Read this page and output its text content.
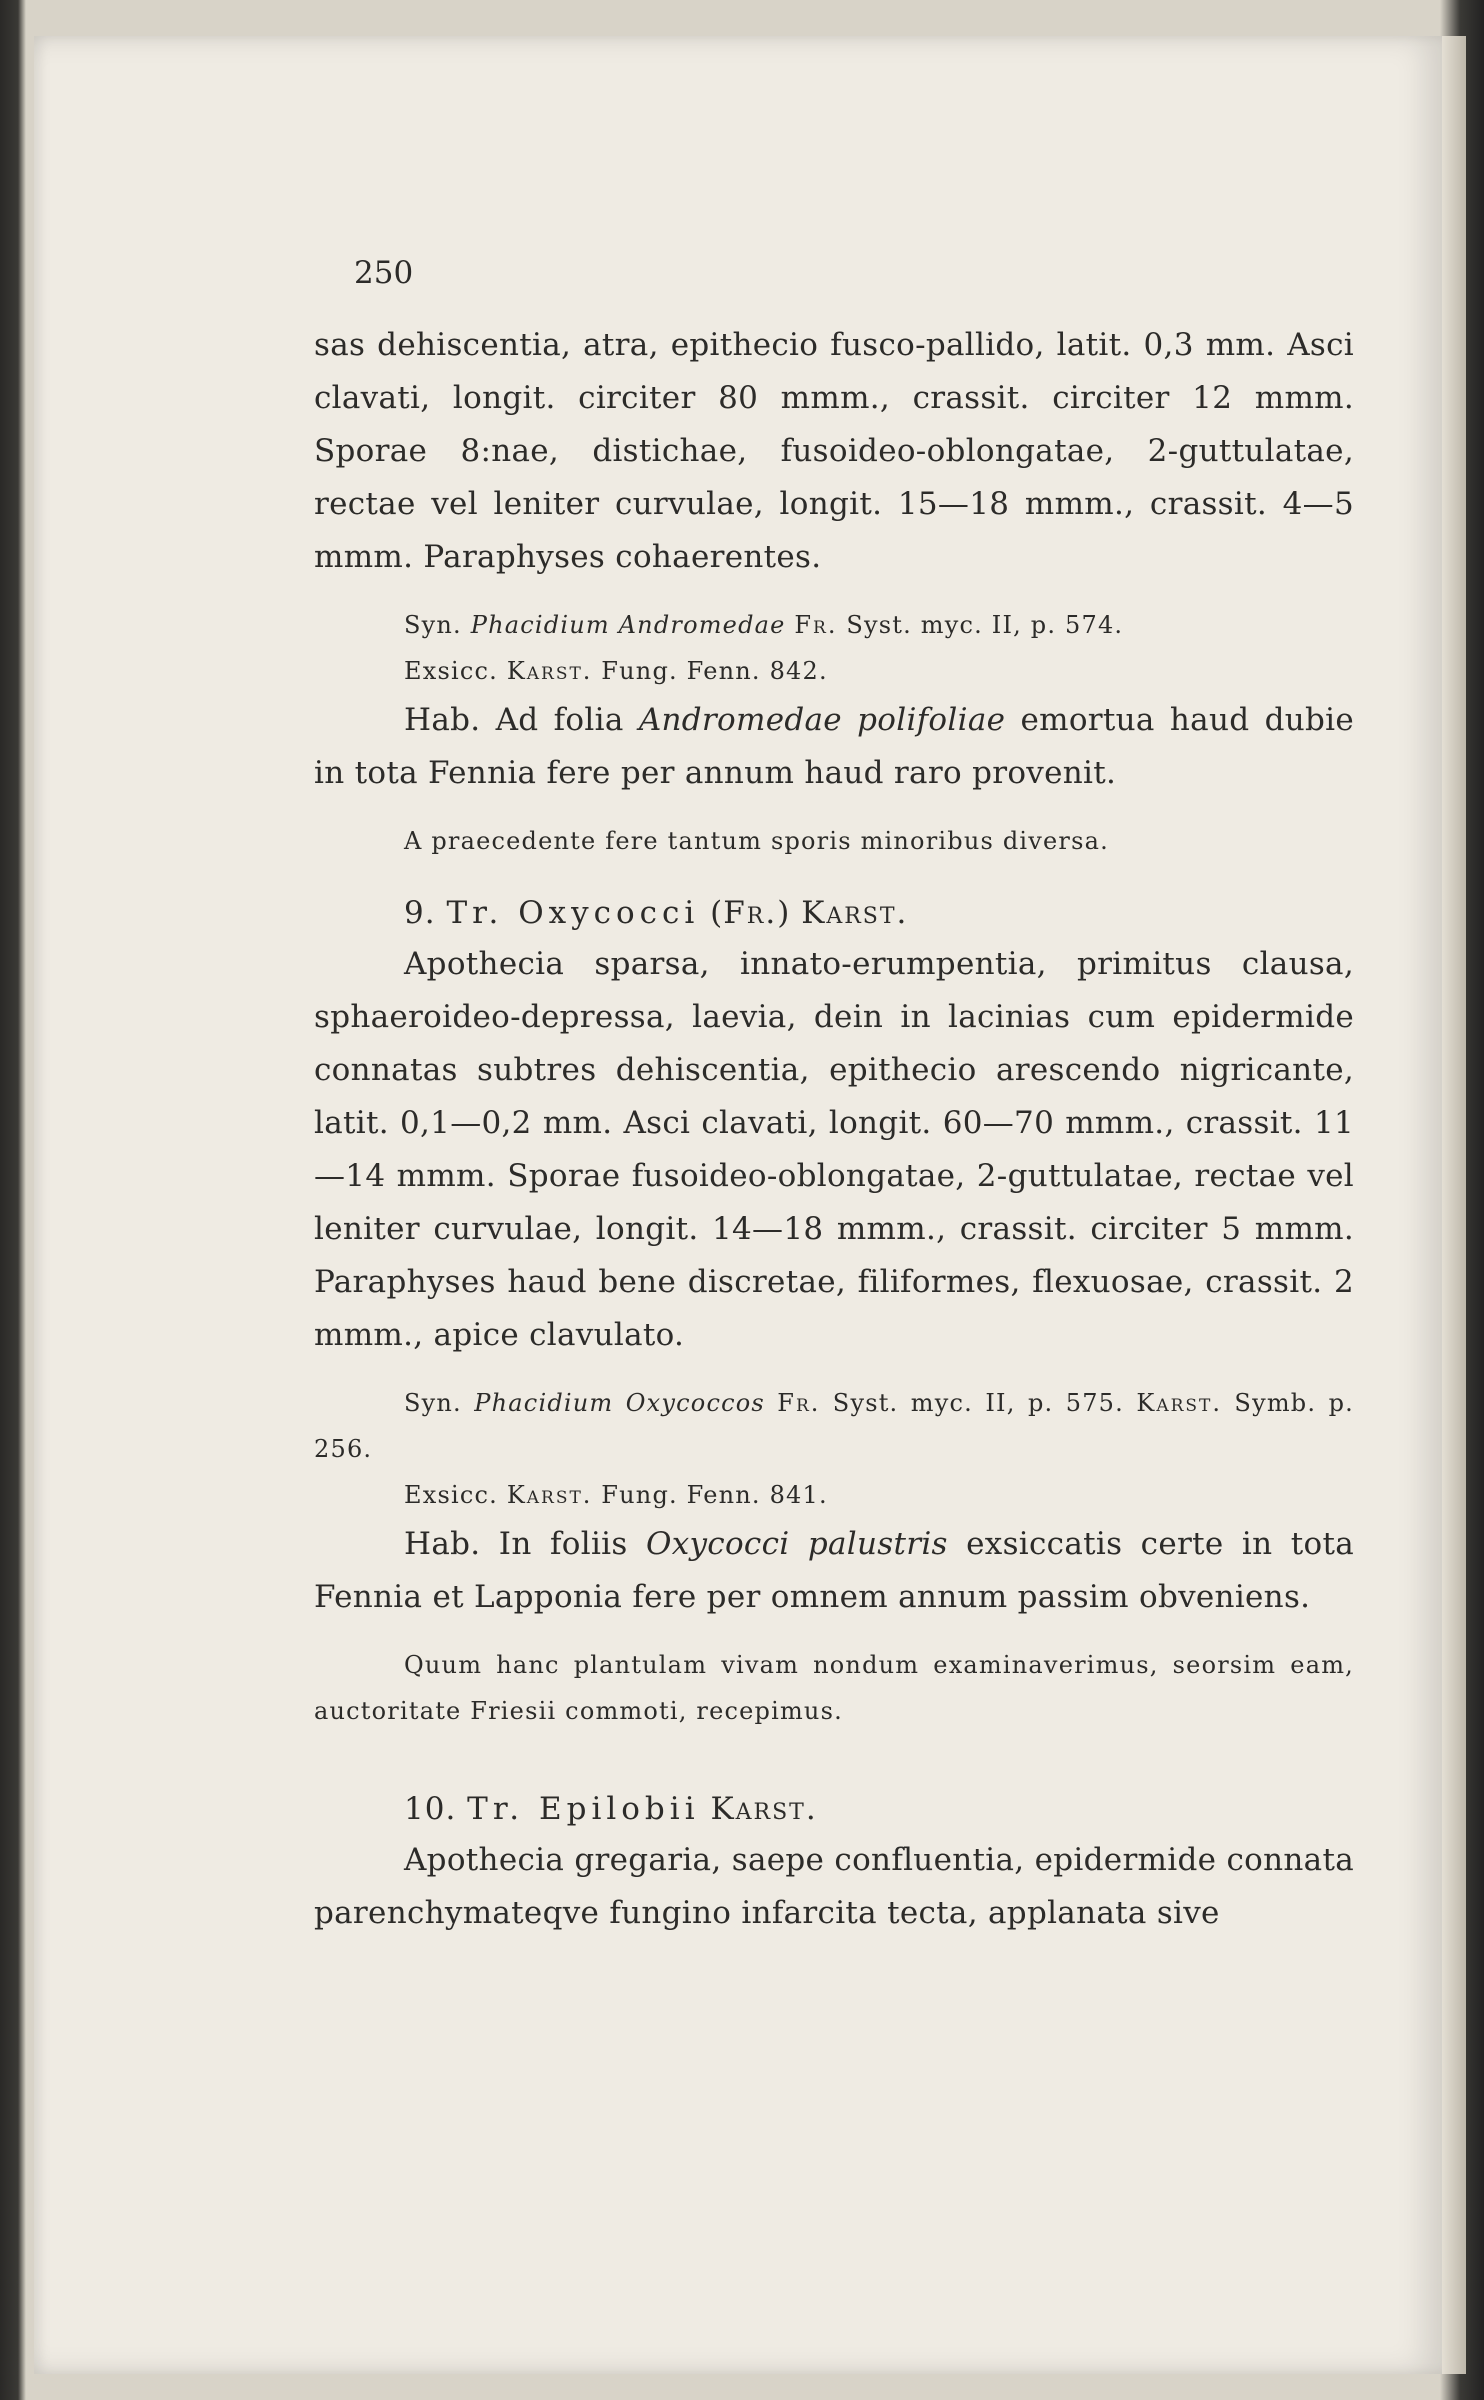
250

sas dehiscentia, atra, epithecio fusco-pallido, latit. 0,3 mm. Asci clavati, longit. circiter 80 mmm., crassit. circiter 12 mmm. Sporae 8:nae, distichae, fusoideo-oblongatae, 2-guttulatae, rectae vel leniter curvulae, longit. 15—18 mmm., crassit. 4—5 mmm. Paraphyses cohaerentes.

Syn. Phacidium Andromedae Fr. Syst. myc. II, p. 574.

Exsicc. Karst. Fung. Fenn. 842.

Hab. Ad folia Andromedae polifoliae emortua haud dubie in tota Fennia fere per annum haud raro provenit.

A praecedente fere tantum sporis minoribus diversa.

9. Tr. Oxycocci (Fr.) Karst.

Apothecia sparsa, innato-erumpentia, primitus clausa, sphaeroideo-depressa, laevia, dein in lacinias cum epidermide connatas subtres dehiscentia, epithecio arescendo nigricante, latit. 0,1—0,2 mm. Asci clavati, longit. 60—70 mmm., crassit. 11—14 mmm. Sporae fusoideo-oblongatae, 2-guttulatae, rectae vel leniter curvulae, longit. 14—18 mmm., crassit. circiter 5 mmm. Paraphyses haud bene discretae, filiformes, flexuosae, crassit. 2 mmm., apice clavulato.

Syn. Phacidium Oxycoccos Fr. Syst. myc. II, p. 575. Karst. Symb. p. 256.

Exsicc. Karst. Fung. Fenn. 841.

Hab. In foliis Oxycocci palustris exsiccatis certe in tota Fennia et Lapponia fere per omnem annum passim obveniens.

Quum hanc plantulam vivam nondum examinaverimus, seorsim eam, auctoritate Friesii commoti, recepimus.

10. Tr. Epilobii Karst.

Apothecia gregaria, saepe confluentia, epidermide connata parenchymateqve fungino infarcita tecta, applanata sive
